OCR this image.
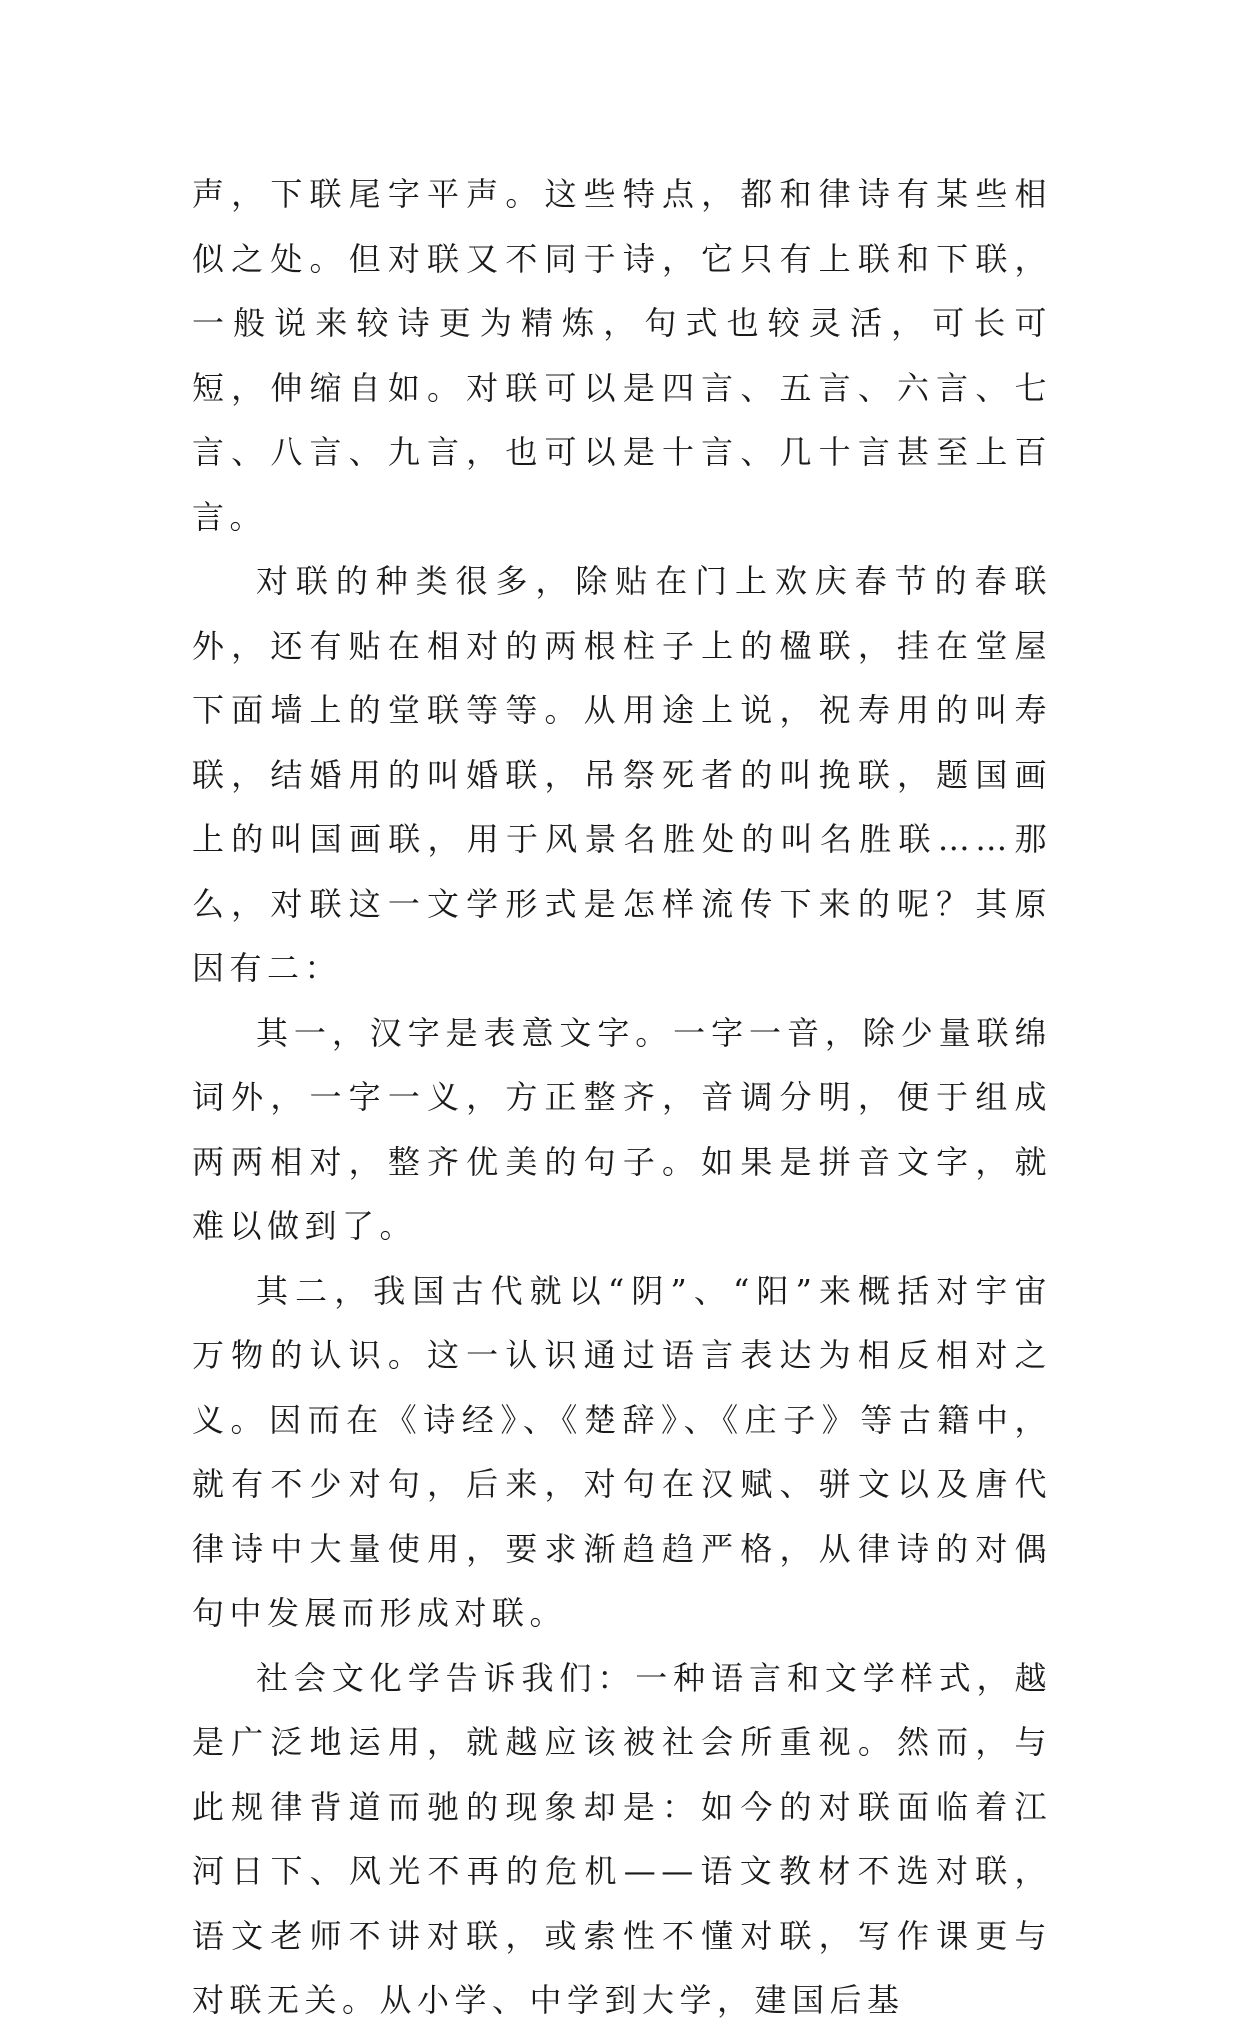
声，下联尾字平声。这些特点，都和律诗有某些相似之处。但对联又不同于诗，它只有上联和下联，一般说来较诗更为精炼，句式也较灵活，可长可短，伸缩自如。对联可以是四言、五言、六言、七言、八言、九言，也可以是十言、几十言甚至上百言。

对联的种类很多，除贴在门上欢庆春节的春联外，还有贴在相对的两根柱子上的楹联，挂在堂屋下面墙上的堂联等等。从用途上说，祝寿用的叫寿联，结婚用的叫婚联，吊祭死者的叫挽联，题国画上的叫国画联，用于风景名胜处的叫名胜联……那么，对联这一文学形式是怎样流传下来的呢？其原因有二：

其一，汉字是表意文字。一字一音，除少量联绵词外，一字一义，方正整齐，音调分明，便于组成两两相对，整齐优美的句子。如果是拼音文字，就难以做到了。

其二，我国古代就以“阴”、“阳”来概括对宇宙万物的认识。这一认识通过语言表达为相反相对之义。因而在《诗经》、《楚辞》、《庄子》等古籍中，就有不少对句，后来，对句在汉赋、骈文以及唐代律诗中大量使用，要求渐趋趋严格，从律诗的对偶句中发展而形成对联。

社会文化学告诉我们：一种语言和文学样式，越是广泛地运用，就越应该被社会所重视。然而，与此规律背道而驰的现象却是：如今的对联面临着江河日下、风光不再的危机——语文教材不选对联，语文老师不讲对联，或索性不懂对联，写作课更与对联无关。从小学、中学到大学，建国后基
